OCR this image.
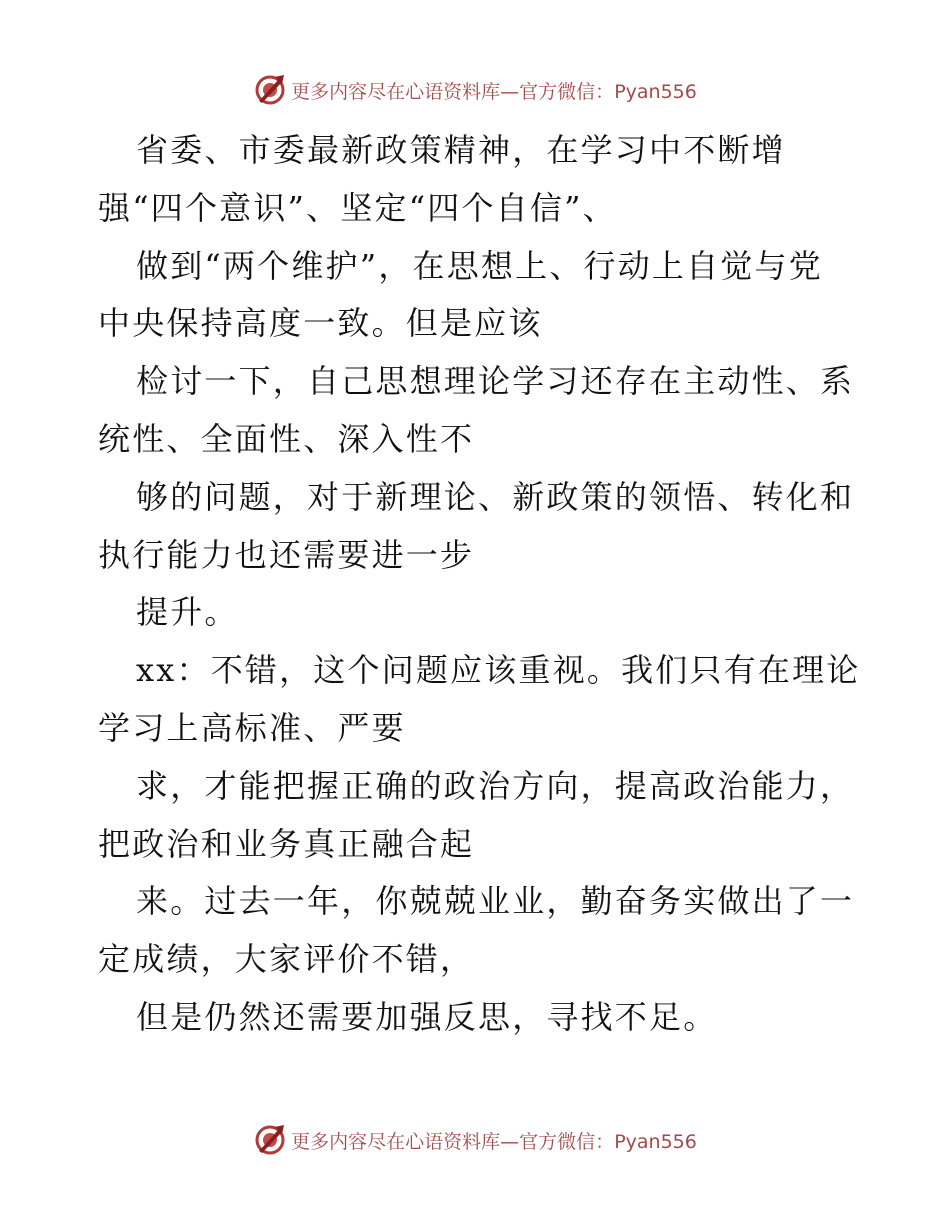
更多内容尽在心语资料库—官方微信：Pyan556
省委、市委最新政策精神，在学习中不断增
强“四个意识”、坚定“四个自信”、
做到“两个维护”，在思想上、行动上自觉与党
中央保持高度一致。但是应该
检讨一下，自己思想理论学习还存在主动性、系
统性、全面性、深入性不
够的问题，对于新理论、新政策的领悟、转化和
执行能力也还需要进一步
提升。
xx：不错，这个问题应该重视。我们只有在理论
学习上高标准、严要
求，才能把握正确的政治方向，提高政治能力，
把政治和业务真正融合起
来。过去一年，你兢兢业业，勤奋务实做出了一
定成绩，大家评价不错，
但是仍然还需要加强反思，寻找不足。
更多内容尽在心语资料库—官方微信：Pyan556
